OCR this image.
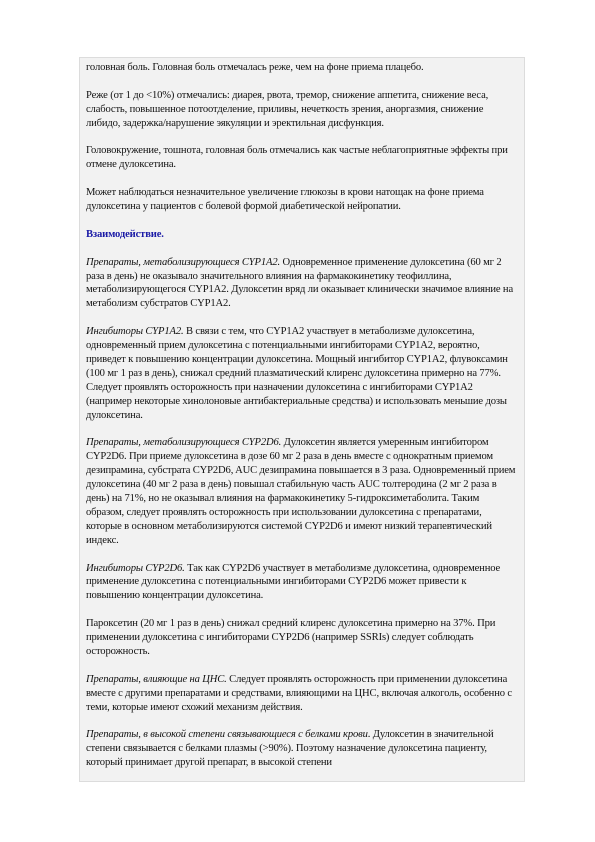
головная боль. Головная боль отмечалась реже, чем на фоне приема плацебо.

Реже (от 1 до <10%) отмечались: диарея, рвота, тремор, снижение аппетита, снижение веса, слабость, повышенное потоотделение, приливы, нечеткость зрения, аноргазмия, снижение либидо, задержка/нарушение эякуляции и эректильная дисфункция.

Головокружение, тошнота, головная боль отмечались как частые неблагоприятные эффекты при отмене дулоксетина.

Может наблюдаться незначительное увеличение глюкозы в крови натощак на фоне приема дулоксетина у пациентов с болевой формой диабетической нейропатии.

Взаимодействие.

Препараты, метаболизирующиеся CYP1A2. Одновременное применение дулоксетина (60 мг 2 раза в день) не оказывало значительного влияния на фармакокинетику теофиллина, метаболизирующегося CYP1A2. Дулоксетин вряд ли оказывает клинически значимое влияние на метаболизм субстратов CYP1A2.

Ингибиторы CYP1A2. В связи с тем, что CYP1A2 участвует в метаболизме дулоксетина, одновременный прием дулоксетина с потенциальными ингибиторами CYP1A2, вероятно, приведет к повышению концентрации дулоксетина. Мощный ингибитор CYP1A2, флувоксамин (100 мг 1 раз в день), снижал средний плазматический клиренс дулоксетина примерно на 77%. Следует проявлять осторожность при назначении дулоксетина с ингибиторами CYP1A2 (например некоторые хинолоновые антибактериальные средства) и использовать меньшие дозы дулоксетина.

Препараты, метаболизирующиеся CYP2D6. Дулоксетин является умеренным ингибитором CYP2D6. При приеме дулоксетина в дозе 60 мг 2 раза в день вместе с однократным приемом дезипрамина, субстрата CYP2D6, AUC дезипрамина повышается в 3 раза. Одновременный прием дулоксетина (40 мг 2 раза в день) повышал стабильную часть AUC толтеродина (2 мг 2 раза в день) на 71%, но не оказывал влияния на фармакокинетику 5-гидроксиметаболита. Таким образом, следует проявлять осторожность при использовании дулоксетина с препаратами, которые в основном метаболизируются системой CYP2D6 и имеют низкий терапевтический индекс.

Ингибиторы CYP2D6. Так как CYP2D6 участвует в метаболизме дулоксетина, одновременное применение дулоксетина с потенциальными ингибиторами CYP2D6 может привести к повышению концентрации дулоксетина.

Пароксетин (20 мг 1 раз в день) снижал средний клиренс дулоксетина примерно на 37%. При применении дулоксетина с ингибиторами CYP2D6 (например SSRIs) следует соблюдать осторожность.

Препараты, влияющие на ЦНС. Следует проявлять осторожность при применении дулоксетина вместе с другими препаратами и средствами, влияющими на ЦНС, включая алкоголь, особенно с теми, которые имеют схожий механизм действия.

Препараты, в высокой степени связывающиеся с белками крови. Дулоксетин в значительной степени связывается с белками плазмы (>90%). Поэтому назначение дулоксетина пациенту, который принимает другой препарат, в высокой степени
